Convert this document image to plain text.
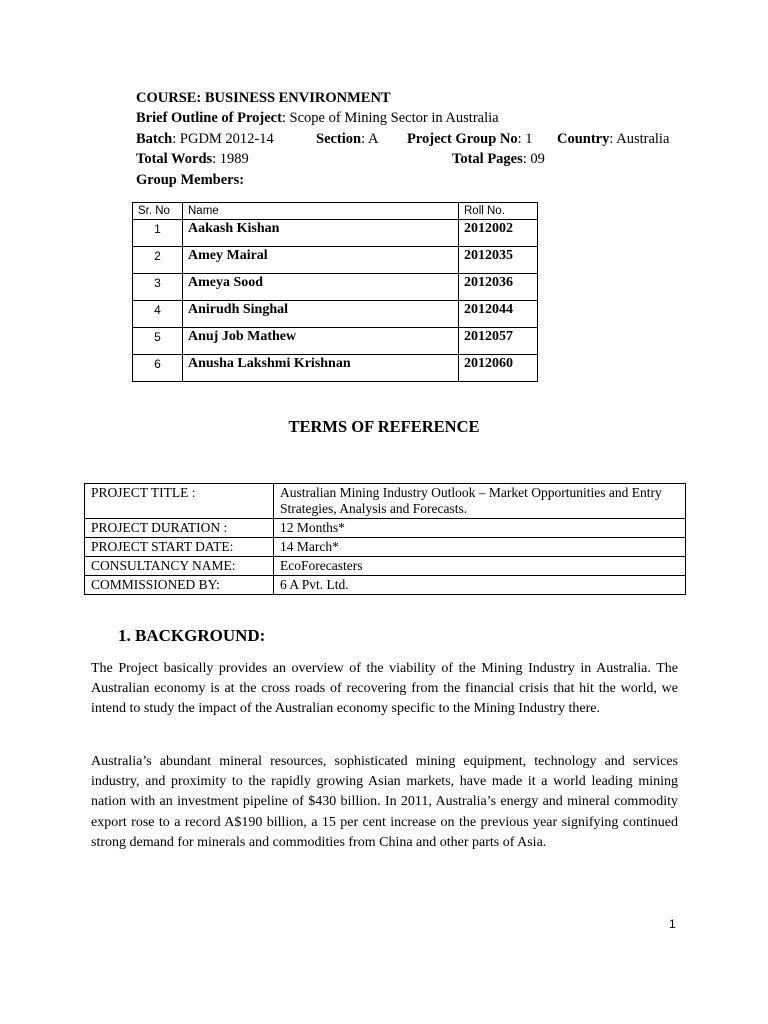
COURSE: BUSINESS ENVIRONMENT
Brief Outline of Project: Scope of Mining Sector in Australia
Batch: PGDM 2012-14	Section: A Project Group No: 1 Country: Australia
Total Words: 1989	Total Pages: 09
Group Members:
Sr. No	Name	Roll No.
1	Aakash Kishan	2012002
2	Amey Mairal	2012035
3	Ameya Sood	2012036
4	Anirudh Singhal	2012044
5	Anuj Job Mathew	2012057
6	Anusha Lakshmi Krishnan	2012060
TERMS OF REFERENCE
PROJECT TITLE :	Australian Mining Industry Outlook – Market Opportunities and Entry Strategies, Analysis and Forecasts.
PROJECT DURATION :	12 Months*
PROJECT START DATE:	14 March*
CONSULTANCY NAME:	EcoForecasters
COMMISSIONED BY:	6 A Pvt. Ltd.
1. BACKGROUND:

The Project basically provides an overview of the viability of the Mining Industry in Australia. The Australian economy is at the cross roads of recovering from the financial crisis that hit the world, we intend to study the impact of the Australian economy specific to the Mining Industry there.

Australia’s abundant mineral resources, sophisticated mining equipment, technology and services industry, and proximity to the rapidly growing Asian markets, have made it a world leading mining nation with an investment pipeline of $430 billion. In 2011, Australia’s energy and mineral commodity export rose to a record A$190 billion, a 15 per cent increase on the previous year signifying continued strong demand for minerals and commodities from China and other parts of Asia.

1
